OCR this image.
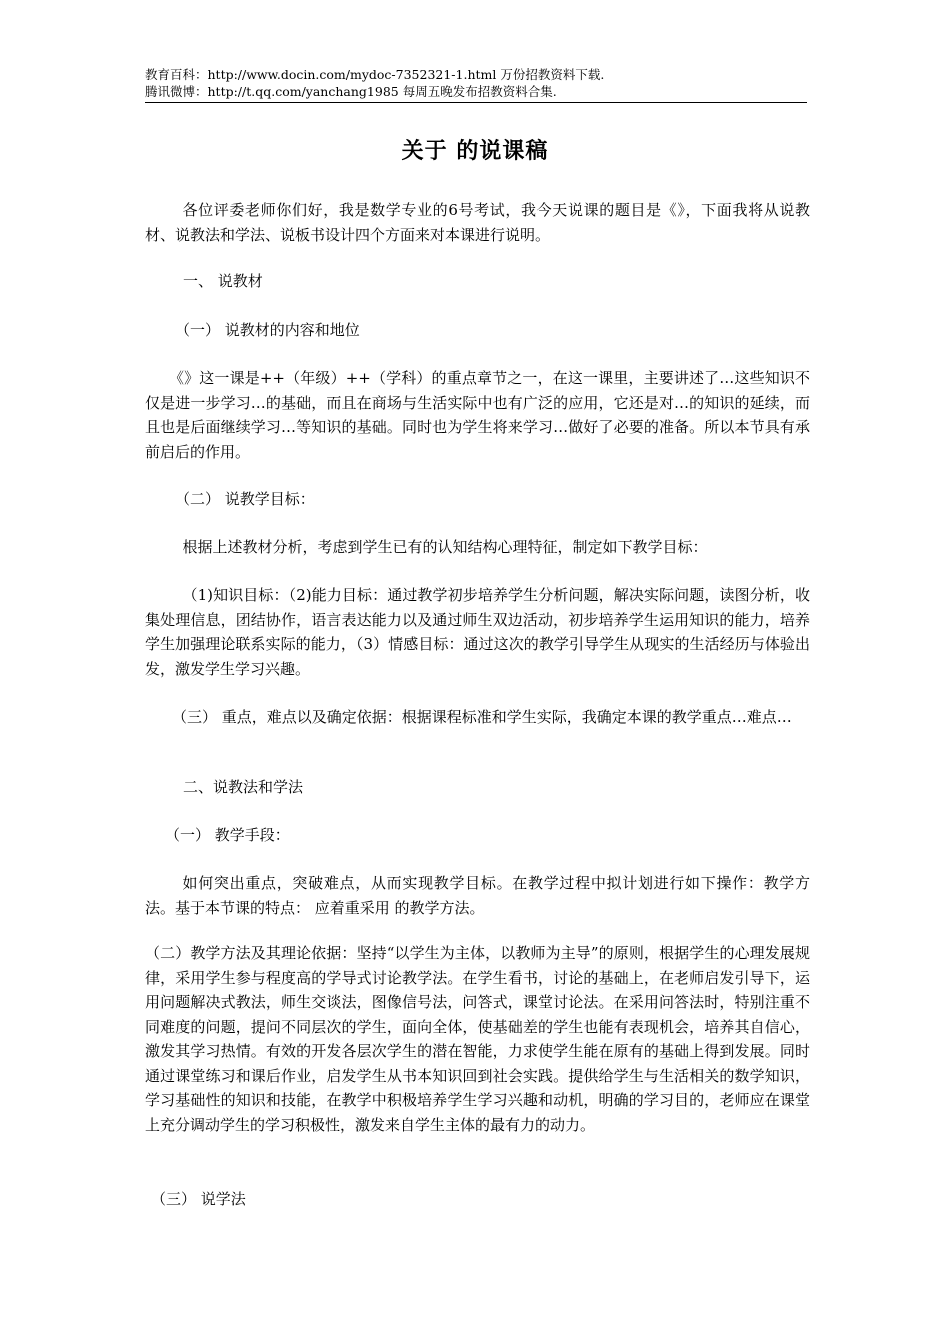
教育百科：http://www.docin.com/mydoc-7352321-1.html 万份招教资料下载.
腾讯微博：http://t.qq.com/yanchang1985 每周五晚发布招教资料合集.
关于 的说课稿
各位评委老师你们好，我是数学专业的6号考试，我今天说课的题目是《》，下面我将从说教材、说教法和学法、说板书设计四个方面来对本课进行说明。
一、 说教材
（一） 说教材的内容和地位
《》这一课是++（年级）++（学科）的重点章节之一，在这一课里，主要讲述了…这些知识不仅是进一步学习…的基础，而且在商场与生活实际中也有广泛的应用，它还是对…的知识的延续，而且也是后面继续学习…等知识的基础。同时也为学生将来学习…做好了必要的准备。所以本节具有承前启后的作用。
（二） 说教学目标：
根据上述教材分析，考虑到学生已有的认知结构心理特征，制定如下教学目标：
（1)知识目标：（2)能力目标：通过教学初步培养学生分析问题，解决实际问题，读图分析，收集处理信息，团结协作，语言表达能力以及通过师生双边活动，初步培养学生运用知识的能力，培养学生加强理论联系实际的能力，（3）情感目标：通过这次的教学引导学生从现实的生活经历与体验出发，激发学生学习兴趣。
（三） 重点，难点以及确定依据：根据课程标准和学生实际，我确定本课的教学重点…难点…
二、说教法和学法
（一） 教学手段：
如何突出重点，突破难点，从而实现教学目标。在教学过程中拟计划进行如下操作：教学方法。基于本节课的特点： 应着重采用 的教学方法。
（二）教学方法及其理论依据：坚持“以学生为主体，以教师为主导”的原则，根据学生的心理发展规律，采用学生参与程度高的学导式讨论教学法。在学生看书，讨论的基础上，在老师启发引导下，运用问题解决式教法，师生交谈法，图像信号法，问答式，课堂讨论法。在采用问答法时，特别注重不同难度的问题，提问不同层次的学生，面向全体，使基础差的学生也能有表现机会，培养其自信心，激发其学习热情。有效的开发各层次学生的潜在智能，力求使学生能在原有的基础上得到发展。同时通过课堂练习和课后作业，启发学生从书本知识回到社会实践。提供给学生与生活相关的数学知识，学习基础性的知识和技能，在教学中积极培养学生学习兴趣和动机，明确的学习目的，老师应在课堂上充分调动学生的学习积极性，激发来自学生主体的最有力的动力。
（三） 说学法
